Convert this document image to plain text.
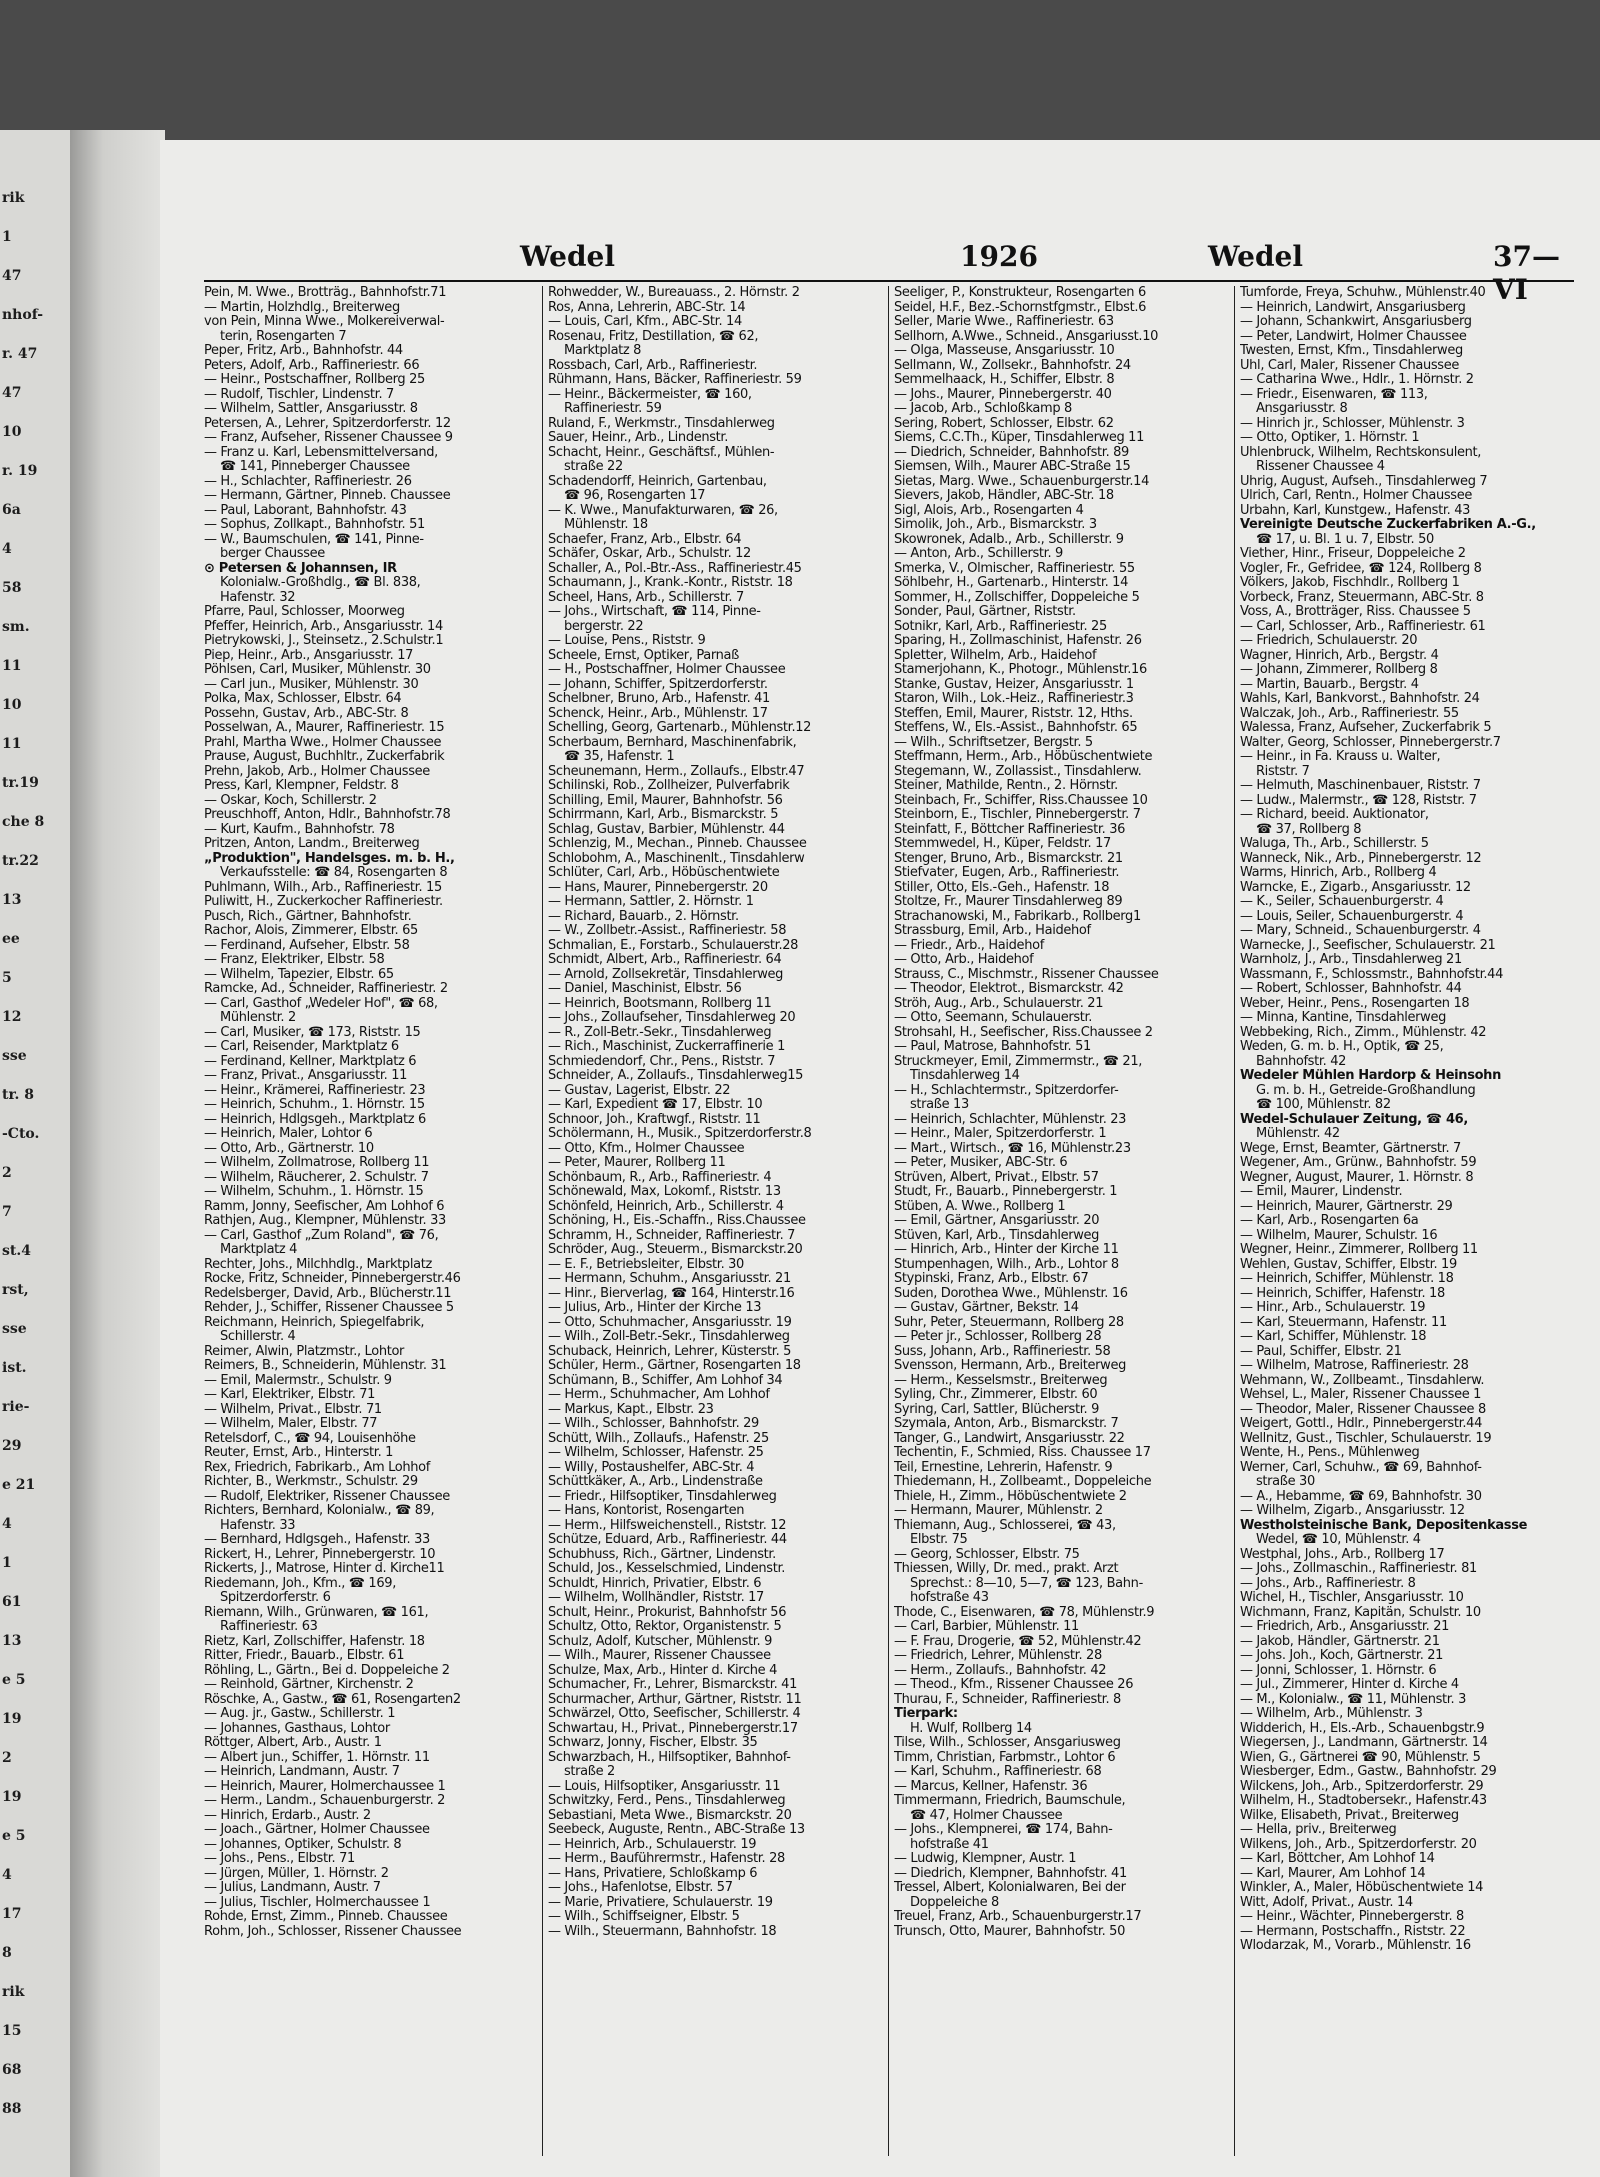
rik
1
47
nhof-
r. 47
47
10
r. 19
6a
4
58
sm.
11
10
11
tr.19
che 8
tr.22
13
ee
5
12
sse
tr. 8
-Cto.
2
7
st.4
rst,
sse
ist.
rie-
29
e 21
4
1
61
13
e 5
19
2
19
e 5
4
17
8
rik
15
68
88
Wedel	1926	Wedel	37— VI
Pein, M. Wwe., Brotträg., Bahnhofstr.71
— Martin, Holzhdlg., Breiterweg
von Pein, Minna Wwe., Molkereiverwal-
terin, Rosengarten 7
Peper, Fritz, Arb., Bahnhofstr. 44
Peters, Adolf, Arb., Raffineriestr. 66
— Heinr., Postschaffner, Rollberg 25
— Rudolf, Tischler, Lindenstr. 7
— Wilhelm, Sattler, Ansgariusstr. 8
Petersen, A., Lehrer, Spitzerdorferstr. 12
— Franz, Aufseher, Rissener Chaussee 9
— Franz u. Karl, Lebensmittelversand,
☎ 141, Pinneberger Chaussee
— H., Schlachter, Raffineriestr. 26
— Hermann, Gärtner, Pinneb. Chaussee
— Paul, Laborant, Bahnhofstr. 43
— Sophus, Zollkapt., Bahnhofstr. 51
— W., Baumschulen, ☎ 141, Pinne-
berger Chaussee
⊙ Petersen & Johannsen, IR
Kolonialw.-Großhdlg., ☎ Bl. 838,
Hafenstr. 32
Pfarre, Paul, Schlosser, Moorweg
Pfeffer, Heinrich, Arb., Ansgariusstr. 14
Pietrykowski, J., Steinsetz., 2.Schulstr.1
Piep, Heinr., Arb., Ansgariusstr. 17
Pöhlsen, Carl, Musiker, Mühlenstr. 30
— Carl jun., Musiker, Mühlenstr. 30
Polka, Max, Schlosser, Elbstr. 64
Possehn, Gustav, Arb., ABC-Str. 8
Posselwan, A., Maurer, Raffineriestr. 15
Prahl, Martha Wwe., Holmer Chaussee
Prause, August, Buchhltr., Zuckerfabrik
Prehn, Jakob, Arb., Holmer Chaussee
Press, Karl, Klempner, Feldstr. 8
— Oskar, Koch, Schillerstr. 2
Preuschhoff, Anton, Hdlr., Bahnhofstr.78
— Kurt, Kaufm., Bahnhofstr. 78
Pritzen, Anton, Landm., Breiterweg
„Produktion", Handelsges. m. b. H.,
Verkaufsstelle: ☎ 84, Rosengarten 8
Puhlmann, Wilh., Arb., Raffineriestr. 15
Puliwitt, H., Zuckerkocher Raffineriestr.
Pusch, Rich., Gärtner, Bahnhofstr.
Rachor, Alois, Zimmerer, Elbstr. 65
— Ferdinand, Aufseher, Elbstr. 58
— Franz, Elektriker, Elbstr. 58
— Wilhelm, Tapezier, Elbstr. 65
Ramcke, Ad., Schneider, Raffineriestr. 2
— Carl, Gasthof „Wedeler Hof", ☎ 68,
Mühlenstr. 2
— Carl, Musiker, ☎ 173, Riststr. 15
— Carl, Reisender, Marktplatz 6
— Ferdinand, Kellner, Marktplatz 6
— Franz, Privat., Ansgariusstr. 11
— Heinr., Krämerei, Raffineriestr. 23
— Heinrich, Schuhm., 1. Hörnstr. 15
— Heinrich, Hdlgsgeh., Marktplatz 6
— Heinrich, Maler, Lohtor 6
— Otto, Arb., Gärtnerstr. 10
— Wilhelm, Zollmatrose, Rollberg 11
— Wilhelm, Räucherer, 2. Schulstr. 7
— Wilhelm, Schuhm., 1. Hörnstr. 15
Ramm, Jonny, Seefischer, Am Lohhof 6
Rathjen, Aug., Klempner, Mühlenstr. 33
— Carl, Gasthof „Zum Roland", ☎ 76,
Marktplatz 4
Rechter, Johs., Milchhdlg., Marktplatz
Rocke, Fritz, Schneider, Pinnebergerstr.46
Redelsberger, David, Arb., Blücherstr.11
Rehder, J., Schiffer, Rissener Chaussee 5
Reichmann, Heinrich, Spiegelfabrik,
Schillerstr. 4
Reimer, Alwin, Platzmstr., Lohtor
Reimers, B., Schneiderin, Mühlenstr. 31
— Emil, Malermstr., Schulstr. 9
— Karl, Elektriker, Elbstr. 71
— Wilhelm, Privat., Elbstr. 71
— Wilhelm, Maler, Elbstr. 77
Retelsdorf, C., ☎ 94, Louisenhöhe
Reuter, Ernst, Arb., Hinterstr. 1
Rex, Friedrich, Fabrikarb., Am Lohhof
Richter, B., Werkmstr., Schulstr. 29
— Rudolf, Elektriker, Rissener Chaussee
Richters, Bernhard, Kolonialw., ☎ 89,
Hafenstr. 33
— Bernhard, Hdlgsgeh., Hafenstr. 33
Rickert, H., Lehrer, Pinnebergerstr. 10
Rickerts, J., Matrose, Hinter d. Kirche11
Riedemann, Joh., Kfm., ☎ 169,
Spitzerdorferstr. 6
Riemann, Wilh., Grünwaren, ☎ 161,
Raffineriestr. 63
Rietz, Karl, Zollschiffer, Hafenstr. 18
Ritter, Friedr., Bauarb., Elbstr. 61
Röhling, L., Gärtn., Bei d. Doppeleiche 2
— Reinhold, Gärtner, Kirchenstr. 2
Röschke, A., Gastw., ☎ 61, Rosengarten2
— Aug. jr., Gastw., Schillerstr. 1
— Johannes, Gasthaus, Lohtor
Röttger, Albert, Arb., Austr. 1
— Albert jun., Schiffer, 1. Hörnstr. 11
— Heinrich, Landmann, Austr. 7
— Heinrich, Maurer, Holmerchaussee 1
— Herm., Landm., Schauenburgerstr. 2
— Hinrich, Erdarb., Austr. 2
— Joach., Gärtner, Holmer Chaussee
— Johannes, Optiker, Schulstr. 8
— Johs., Pens., Elbstr. 71
— Jürgen, Müller, 1. Hörnstr. 2
— Julius, Landmann, Austr. 7
— Julius, Tischler, Holmerchaussee 1
Rohde, Ernst, Zimm., Pinneb. Chaussee
Rohm, Joh., Schlosser, Rissener Chaussee
Rohwedder, W., Bureauass., 2. Hörnstr. 2
Ros, Anna, Lehrerin, ABC-Str. 14
— Louis, Carl, Kfm., ABC-Str. 14
Rosenau, Fritz, Destillation, ☎ 62,
Marktplatz 8
Rossbach, Carl, Arb., Raffineriestr.
Rühmann, Hans, Bäcker, Raffineriestr. 59
— Heinr., Bäckermeister, ☎ 160,
Raffineriestr. 59
Ruland, F., Werkmstr., Tinsdahlerweg
Sauer, Heinr., Arb., Lindenstr.
Schacht, Heinr., Geschäftsf., Mühlen-
straße 22
Schadendorff, Heinrich, Gartenbau,
☎ 96, Rosengarten 17
— K. Wwe., Manufakturwaren, ☎ 26,
Mühlenstr. 18
Schaefer, Franz, Arb., Elbstr. 64
Schäfer, Oskar, Arb., Schulstr. 12
Schaller, A., Pol.-Btr.-Ass., Raffineriestr.45
Schaumann, J., Krank.-Kontr., Riststr. 18
Scheel, Hans, Arb., Schillerstr. 7
— Johs., Wirtschaft, ☎ 114, Pinne-
bergerstr. 22
— Louise, Pens., Riststr. 9
Scheele, Ernst, Optiker, Parnaß
— H., Postschaffner, Holmer Chaussee
— Johann, Schiffer, Spitzerdorferstr.
Schelbner, Bruno, Arb., Hafenstr. 41
Schenck, Heinr., Arb., Mühlenstr. 17
Schelling, Georg, Gartenarb., Mühlenstr.12
Scherbaum, Bernhard, Maschinenfabrik,
☎ 35, Hafenstr. 1
Scheunemann, Herm., Zollaufs., Elbstr.47
Schilinski, Rob., Zollheizer, Pulverfabrik
Schilling, Emil, Maurer, Bahnhofstr. 56
Schirrmann, Karl, Arb., Bismarckstr. 5
Schlag, Gustav, Barbier, Mühlenstr. 44
Schlenzig, M., Mechan., Pinneb. Chaussee
Schlobohm, A., Maschinenlt., Tinsdahlerw
Schlüter, Carl, Arb., Höbüschentwiete
— Hans, Maurer, Pinnebergerstr. 20
— Hermann, Sattler, 2. Hörnstr. 1
— Richard, Bauarb., 2. Hörnstr.
— W., Zollbetr.-Assist., Raffineriestr. 58
Schmalian, E., Forstarb., Schulauerstr.28
Schmidt, Albert, Arb., Raffineriestr. 64
— Arnold, Zollsekretär, Tinsdahlerweg
— Daniel, Maschinist, Elbstr. 56
— Heinrich, Bootsmann, Rollberg 11
— Johs., Zollaufseher, Tinsdahlerweg 20
— R., Zoll-Betr.-Sekr., Tinsdahlerweg
— Rich., Maschinist, Zuckerraffinerie 1
Schmiedendorf, Chr., Pens., Riststr. 7
Schneider, A., Zollaufs., Tinsdahlerweg15
— Gustav, Lagerist, Elbstr. 22
— Karl, Expedient ☎ 17, Elbstr. 10
Schnoor, Joh., Kraftwgf., Riststr. 11
Schölermann, H., Musik., Spitzerdorferstr.8
— Otto, Kfm., Holmer Chaussee
— Peter, Maurer, Rollberg 11
Schönbaum, R., Arb., Raffineriestr. 4
Schönewald, Max, Lokomf., Riststr. 13
Schönfeld, Heinrich, Arb., Schillerstr. 4
Schöning, H., Eis.-Schaffn., Riss.Chaussee
Schramm, H., Schneider, Raffineriestr. 7
Schröder, Aug., Steuerm., Bismarckstr.20
— E. F., Betriebsleiter, Elbstr. 30
— Hermann, Schuhm., Ansgariusstr. 21
— Hinr., Bierverlag, ☎ 164, Hinterstr.16
— Julius, Arb., Hinter der Kirche 13
— Otto, Schuhmacher, Ansgariusstr. 19
— Wilh., Zoll-Betr.-Sekr., Tinsdahlerweg
Schuback, Heinrich, Lehrer, Küsterstr. 5
Schüler, Herm., Gärtner, Rosengarten 18
Schümann, B., Schiffer, Am Lohhof 34
— Herm., Schuhmacher, Am Lohhof
— Markus, Kapt., Elbstr. 23
— Wilh., Schlosser, Bahnhofstr. 29
Schütt, Wilh., Zollaufs., Hafenstr. 25
— Wilhelm, Schlosser, Hafenstr. 25
— Willy, Postaushelfer, ABC-Str. 4
Schüttkäker, A., Arb., Lindenstraße
— Friedr., Hilfsoptiker, Tinsdahlerweg
— Hans, Kontorist, Rosengarten
— Herm., Hilfsweichenstell., Riststr. 12
Schütze, Eduard, Arb., Raffineriestr. 44
Schubhuss, Rich., Gärtner, Lindenstr.
Schuld, Jos., Kesselschmied, Lindenstr.
Schuldt, Hinrich, Privatier, Elbstr. 6
— Wilhelm, Wollhändler, Riststr. 17
Schult, Heinr., Prokurist, Bahnhofstr 56
Schultz, Otto, Rektor, Organistenstr. 5
Schulz, Adolf, Kutscher, Mühlenstr. 9
— Wilh., Maurer, Rissener Chaussee
Schulze, Max, Arb., Hinter d. Kirche 4
Schumacher, Fr., Lehrer, Bismarckstr. 41
Schurmacher, Arthur, Gärtner, Riststr. 11
Schwärzel, Otto, Seefischer, Schillerstr. 4
Schwartau, H., Privat., Pinnebergerstr.17
Schwarz, Jonny, Fischer, Elbstr. 35
Schwarzbach, H., Hilfsoptiker, Bahnhof-
straße 2
— Louis, Hilfsoptiker, Ansgariusstr. 11
Schwitzky, Ferd., Pens., Tinsdahlerweg
Sebastiani, Meta Wwe., Bismarckstr. 20
Seebeck, Auguste, Rentn., ABC-Straße 13
— Heinrich, Arb., Schulauerstr. 19
— Herm., Bauführermstr., Hafenstr. 28
— Hans, Privatiere, Schloßkamp 6
— Johs., Hafenlotse, Elbstr. 57
— Marie, Privatiere, Schulauerstr. 19
— Wilh., Schiffseigner, Elbstr. 5
— Wilh., Steuermann, Bahnhofstr. 18
Seeliger, P., Konstrukteur, Rosengarten 6
Seidel, H.F., Bez.-Schornstfgmstr., Elbst.6
Seller, Marie Wwe., Raffineriestr. 63
Sellhorn, A.Wwe., Schneid., Ansgariusst.10
— Olga, Masseuse, Ansgariusstr. 10
Sellmann, W., Zollsekr., Bahnhofstr. 24
Semmelhaack, H., Schiffer, Elbstr. 8
— Johs., Maurer, Pinnebergerstr. 40
— Jacob, Arb., Schloßkamp 8
Sering, Robert, Schlosser, Elbstr. 62
Siems, C.C.Th., Küper, Tinsdahlerweg 11
— Diedrich, Schneider, Bahnhofstr. 89
Siemsen, Wilh., Maurer ABC-Straße 15
Sietas, Marg. Wwe., Schauenburgerstr.14
Sievers, Jakob, Händler, ABC-Str. 18
Sigl, Alois, Arb., Rosengarten 4
Simolik, Joh., Arb., Bismarckstr. 3
Skowronek, Adalb., Arb., Schillerstr. 9
— Anton, Arb., Schillerstr. 9
Smerka, V., Ölmischer, Raffineriestr. 55
Söhlbehr, H., Gartenarb., Hinterstr. 14
Sommer, H., Zollschiffer, Doppeleiche 5
Sonder, Paul, Gärtner, Riststr.
Sotnikr, Karl, Arb., Raffineriestr. 25
Sparing, H., Zollmaschinist, Hafenstr. 26
Spletter, Wilhelm, Arb., Haidehof
Stamerjohann, K., Photogr., Mühlenstr.16
Stanke, Gustav, Heizer, Ansgariusstr. 1
Staron, Wilh., Lok.-Heiz., Raffineriestr.3
Steffen, Emil, Maurer, Riststr. 12, Hths.
Steffens, W., Els.-Assist., Bahnhofstr. 65
— Wilh., Schriftsetzer, Bergstr. 5
Steffmann, Herm., Arb., Höbüschentwiete
Stegemann, W., Zollassist., Tinsdahlerw.
Steiner, Mathilde, Rentn., 2. Hörnstr.
Steinbach, Fr., Schiffer, Riss.Chaussee 10
Steinborn, E., Tischler, Pinnebergerstr. 7
Steinfatt, F., Böttcher Raffineriestr. 36
Stemmwedel, H., Küper, Feldstr. 17
Stenger, Bruno, Arb., Bismarckstr. 21
Stiefvater, Eugen, Arb., Raffineriestr.
Stiller, Otto, Els.-Geh., Hafenstr. 18
Stoltze, Fr., Maurer Tinsdahlerweg 89
Strachanowski, M., Fabrikarb., Rollberg1
Strassburg, Emil, Arb., Haidehof
— Friedr., Arb., Haidehof
— Otto, Arb., Haidehof
Strauss, C., Mischmstr., Rissener Chaussee
— Theodor, Elektrot., Bismarckstr. 42
Ströh, Aug., Arb., Schulauerstr. 21
— Otto, Seemann, Schulauerstr.
Strohsahl, H., Seefischer, Riss.Chaussee 2
— Paul, Matrose, Bahnhofstr. 51
Struckmeyer, Emil, Zimmermstr., ☎ 21,
Tinsdahlerweg 14
— H., Schlachtermstr., Spitzerdorfer-
straße 13
— Heinrich, Schlachter, Mühlenstr. 23
— Heinr., Maler, Spitzerdorferstr. 1
— Mart., Wirtsch., ☎ 16, Mühlenstr.23
— Peter, Musiker, ABC-Str. 6
Strüven, Albert, Privat., Elbstr. 57
Studt, Fr., Bauarb., Pinnebergerstr. 1
Stüben, A. Wwe., Rollberg 1
— Emil, Gärtner, Ansgariusstr. 20
Stüven, Karl, Arb., Tinsdahlerweg
— Hinrich, Arb., Hinter der Kirche 11
Stumpenhagen, Wilh., Arb., Lohtor 8
Stypinski, Franz, Arb., Elbstr. 67
Suden, Dorothea Wwe., Mühlenstr. 16
— Gustav, Gärtner, Bekstr. 14
Suhr, Peter, Steuermann, Rollberg 28
— Peter jr., Schlosser, Rollberg 28
Suss, Johann, Arb., Raffineriestr. 58
Svensson, Hermann, Arb., Breiterweg
— Herm., Kesselsmstr., Breiterweg
Syling, Chr., Zimmerer, Elbstr. 60
Syring, Carl, Sattler, Blücherstr. 9
Szymala, Anton, Arb., Bismarckstr. 7
Tanger, G., Landwirt, Ansgariusstr. 22
Techentin, F., Schmied, Riss. Chaussee 17
Teil, Ernestine, Lehrerin, Hafenstr. 9
Thiedemann, H., Zollbeamt., Doppeleiche
Thiele, H., Zimm., Höbüschentwiete 2
— Hermann, Maurer, Mühlenstr. 2
Thiemann, Aug., Schlosserei, ☎ 43,
Elbstr. 75
— Georg, Schlosser, Elbstr. 75
Thiessen, Willy, Dr. med., prakt. Arzt
Sprechst.: 8—10, 5—7, ☎ 123, Bahn-
hofstraße 43
Thode, C., Eisenwaren, ☎ 78, Mühlenstr.9
— Carl, Barbier, Mühlenstr. 11
— F. Frau, Drogerie, ☎ 52, Mühlenstr.42
— Friedrich, Lehrer, Mühlenstr. 28
— Herm., Zollaufs., Bahnhofstr. 42
— Theod., Kfm., Rissener Chaussee 26
Thurau, F., Schneider, Raffineriestr. 8
Tierpark:
H. Wulf, Rollberg 14
Tilse, Wilh., Schlosser, Ansgariusweg
Timm, Christian, Farbmstr., Lohtor 6
— Karl, Schuhm., Raffineriestr. 68
— Marcus, Kellner, Hafenstr. 36
Timmermann, Friedrich, Baumschule,
☎ 47, Holmer Chaussee
— Johs., Klempnerei, ☎ 174, Bahn-
hofstraße 41
— Ludwig, Klempner, Austr. 1
— Diedrich, Klempner, Bahnhofstr. 41
Tressel, Albert, Kolonialwaren, Bei der
Doppeleiche 8
Treuel, Franz, Arb., Schauenburgerstr.17
Trunsch, Otto, Maurer, Bahnhofstr. 50
Tumforde, Freya, Schuhw., Mühlenstr.40
— Heinrich, Landwirt, Ansgariusberg
— Johann, Schankwirt, Ansgariusberg
— Peter, Landwirt, Holmer Chaussee
Twesten, Ernst, Kfm., Tinsdahlerweg
Uhl, Carl, Maler, Rissener Chaussee
— Catharina Wwe., Hdlr., 1. Hörnstr. 2
— Friedr., Eisenwaren, ☎ 113,
Ansgariusstr. 8
— Hinrich jr., Schlosser, Mühlenstr. 3
— Otto, Optiker, 1. Hörnstr. 1
Uhlenbruck, Wilhelm, Rechtskonsulent,
Rissener Chaussee 4
Uhrig, August, Aufseh., Tinsdahlerweg 7
Ulrich, Carl, Rentn., Holmer Chaussee
Urbahn, Karl, Kunstgew., Hafenstr. 43
Vereinigte Deutsche Zuckerfabriken A.-G.,
☎ 17, u. Bl. 1 u. 7, Elbstr. 50
Viether, Hinr., Friseur, Doppeleiche 2
Vogler, Fr., Gefridee, ☎ 124, Rollberg 8
Völkers, Jakob, Fischhdlr., Rollberg 1
Vorbeck, Franz, Steuermann, ABC-Str. 8
Voss, A., Brotträger, Riss. Chaussee 5
— Carl, Schlosser, Arb., Raffineriestr. 61
— Friedrich, Schulauerstr. 20
Wagner, Hinrich, Arb., Bergstr. 4
— Johann, Zimmerer, Rollberg 8
— Martin, Bauarb., Bergstr. 4
Wahls, Karl, Bankvorst., Bahnhofstr. 24
Walczak, Joh., Arb., Raffineriestr. 55
Walessa, Franz, Aufseher, Zuckerfabrik 5
Walter, Georg, Schlosser, Pinnebergerstr.7
— Heinr., in Fa. Krauss u. Walter,
Riststr. 7
— Helmuth, Maschinenbauer, Riststr. 7
— Ludw., Malermstr., ☎ 128, Riststr. 7
— Richard, beeid. Auktionator,
☎ 37, Rollberg 8
Waluga, Th., Arb., Schillerstr. 5
Wanneck, Nik., Arb., Pinnebergerstr. 12
Warms, Hinrich, Arb., Rollberg 4
Warncke, E., Zigarb., Ansgariusstr. 12
— K., Seiler, Schauenburgerstr. 4
— Louis, Seiler, Schauenburgerstr. 4
— Mary, Schneid., Schauenburgerstr. 4
Warnecke, J., Seefischer, Schulauerstr. 21
Warnholz, J., Arb., Tinsdahlerweg 21
Wassmann, F., Schlossmstr., Bahnhofstr.44
— Robert, Schlosser, Bahnhofstr. 44
Weber, Heinr., Pens., Rosengarten 18
— Minna, Kantine, Tinsdahlerweg
Webbeking, Rich., Zimm., Mühlenstr. 42
Weden, G. m. b. H., Optik, ☎ 25,
Bahnhofstr. 42
Wedeler Mühlen Hardorp & Heinsohn
G. m. b. H., Getreide-Großhandlung
☎ 100, Mühlenstr. 82
Wedel-Schulauer Zeitung, ☎ 46,
Mühlenstr. 42
Wege, Ernst, Beamter, Gärtnerstr. 7
Wegener, Am., Grünw., Bahnhofstr. 59
Wegner, August, Maurer, 1. Hörnstr. 8
— Emil, Maurer, Lindenstr.
— Heinrich, Maurer, Gärtnerstr. 29
— Karl, Arb., Rosengarten 6a
— Wilhelm, Maurer, Schulstr. 16
Wegner, Heinr., Zimmerer, Rollberg 11
Wehlen, Gustav, Schiffer, Elbstr. 19
— Heinrich, Schiffer, Mühlenstr. 18
— Heinrich, Schiffer, Hafenstr. 18
— Hinr., Arb., Schulauerstr. 19
— Karl, Steuermann, Hafenstr. 11
— Karl, Schiffer, Mühlenstr. 18
— Paul, Schiffer, Elbstr. 21
— Wilhelm, Matrose, Raffineriestr. 28
Wehmann, W., Zollbeamt., Tinsdahlerw.
Wehsel, L., Maler, Rissener Chaussee 1
— Theodor, Maler, Rissener Chaussee 8
Weigert, Gottl., Hdlr., Pinnebergerstr.44
Wellnitz, Gust., Tischler, Schulauerstr. 19
Wente, H., Pens., Mühlenweg
Werner, Carl, Schuhw., ☎ 69, Bahnhof-
straße 30
— A., Hebamme, ☎ 69, Bahnhofstr. 30
— Wilhelm, Zigarb., Ansgariusstr. 12
Westholsteinische Bank, Depositenkasse
Wedel, ☎ 10, Mühlenstr. 4
Westphal, Johs., Arb., Rollberg 17
— Johs., Zollmaschin., Raffineriestr. 81
— Johs., Arb., Raffineriestr. 8
Wichel, H., Tischler, Ansgariusstr. 10
Wichmann, Franz, Kapitän, Schulstr. 10
— Friedrich, Arb., Ansgariusstr. 21
— Jakob, Händler, Gärtnerstr. 21
— Johs. Joh., Koch, Gärtnerstr. 21
— Jonni, Schlosser, 1. Hörnstr. 6
— Jul., Zimmerer, Hinter d. Kirche 4
— M., Kolonialw., ☎ 11, Mühlenstr. 3
— Wilhelm, Arb., Mühlenstr. 3
Widderich, H., Els.-Arb., Schauenbgstr.9
Wiegersen, J., Landmann, Gärtnerstr. 14
Wien, G., Gärtnerei ☎ 90, Mühlenstr. 5
Wiesberger, Edm., Gastw., Bahnhofstr. 29
Wilckens, Joh., Arb., Spitzerdorferstr. 29
Wilhelm, H., Stadtobersekr., Hafenstr.43
Wilke, Elisabeth, Privat., Breiterweg
— Hella, priv., Breiterweg
Wilkens, Joh., Arb., Spitzerdorferstr. 20
— Karl, Böttcher, Am Lohhof 14
— Karl, Maurer, Am Lohhof 14
Winkler, A., Maler, Höbüschentwiete 14
Witt, Adolf, Privat., Austr. 14
— Heinr., Wächter, Pinnebergerstr. 8
— Hermann, Postschaffn., Riststr. 22
Wlodarzak, M., Vorarb., Mühlenstr. 16
